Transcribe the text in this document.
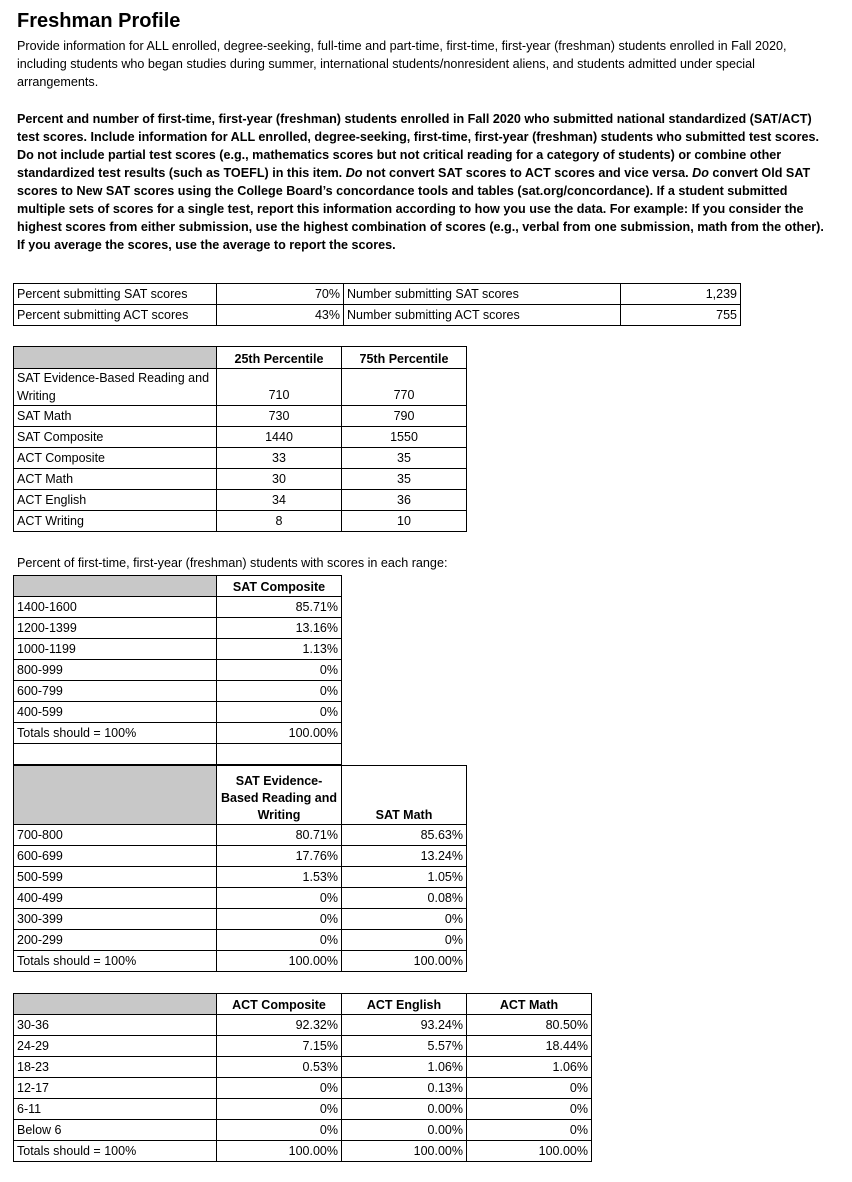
Freshman Profile
Provide information for ALL enrolled, degree-seeking, full-time and part-time, first-time, first-year (freshman) students enrolled in Fall 2020, including students who began studies during summer, international students/nonresident aliens, and students admitted under special arrangements.
Percent and number of first-time, first-year (freshman) students enrolled in Fall 2020 who submitted national standardized (SAT/ACT) test scores. Include information for ALL enrolled, degree-seeking, first-time, first-year (freshman) students who submitted test scores. Do not include partial test scores (e.g., mathematics scores but not critical reading for a category of students) or combine other standardized test results (such as TOEFL) in this item. Do not convert SAT scores to ACT scores and vice versa. Do convert Old SAT scores to New SAT scores using the College Board’s concordance tools and tables (sat.org/concordance). If a student submitted multiple sets of scores for a single test, report this information according to how you use the data. For example: If you consider the highest scores from either submission, use the highest combination of scores (e.g., verbal from one submission, math from the other). If you average the scores, use the average to report the scores.
Percent submitting SAT scores	70%	Number submitting SAT scores	1,239
Percent submitting ACT scores	43%	Number submitting ACT scores	755
	25th Percentile	75th Percentile
SAT Evidence-Based Reading and Writing	710	770
SAT Math	730	790
SAT Composite	1440	1550
ACT Composite	33	35
ACT Math	30	35
ACT English	34	36
ACT Writing	8	10
Percent of first-time, first-year (freshman) students with scores in each range:
	SAT Composite
1400-1600	85.71%
1200-1399	13.16%
1000-1199	1.13%
800-999	0%
600-799	0%
400-599	0%
Totals should = 100%	100.00%

	SAT Evidence-Based Reading and Writing	SAT Math
700-800	80.71%	85.63%
600-699	17.76%	13.24%
500-599	1.53%	1.05%
400-499	0%	0.08%
300-399	0%	0%
200-299	0%	0%
Totals should = 100%	100.00%	100.00%
	ACT Composite	ACT English	ACT Math
30-36	92.32%	93.24%	80.50%
24-29	7.15%	5.57%	18.44%
18-23	0.53%	1.06%	1.06%
12-17	0%	0.13%	0%
6-11	0%	0.00%	0%
Below 6	0%	0.00%	0%
Totals should = 100%	100.00%	100.00%	100.00%
